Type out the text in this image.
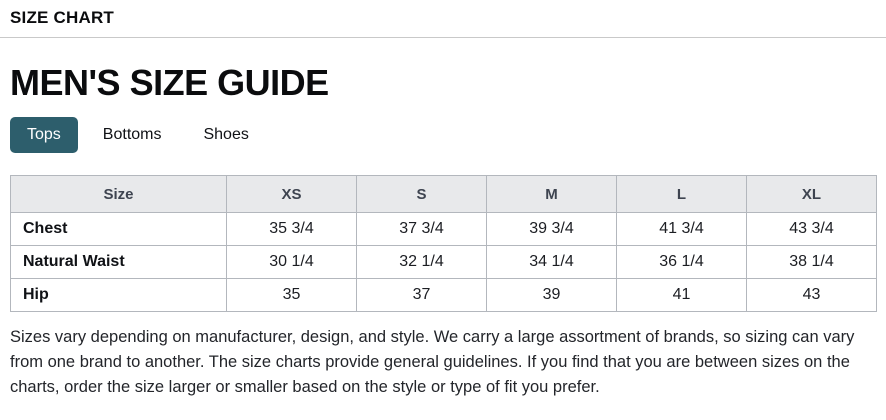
SIZE CHART
MEN'S SIZE GUIDE
Tops	Bottoms	Shoes
Size	XS	S	M	L	XL
Chest	35 3/4	37 3/4	39 3/4	41 3/4	43 3/4
Natural Waist	30 1/4	32 1/4	34 1/4	36 1/4	38 1/4
Hip	35	37	39	41	43

Sizes vary depending on manufacturer, design, and style. We carry a large assortment of brands, so sizing can vary from one brand to another. The size charts provide general guidelines. If you find that you are between sizes on the charts, order the size larger or smaller based on the style or type of fit you prefer.
